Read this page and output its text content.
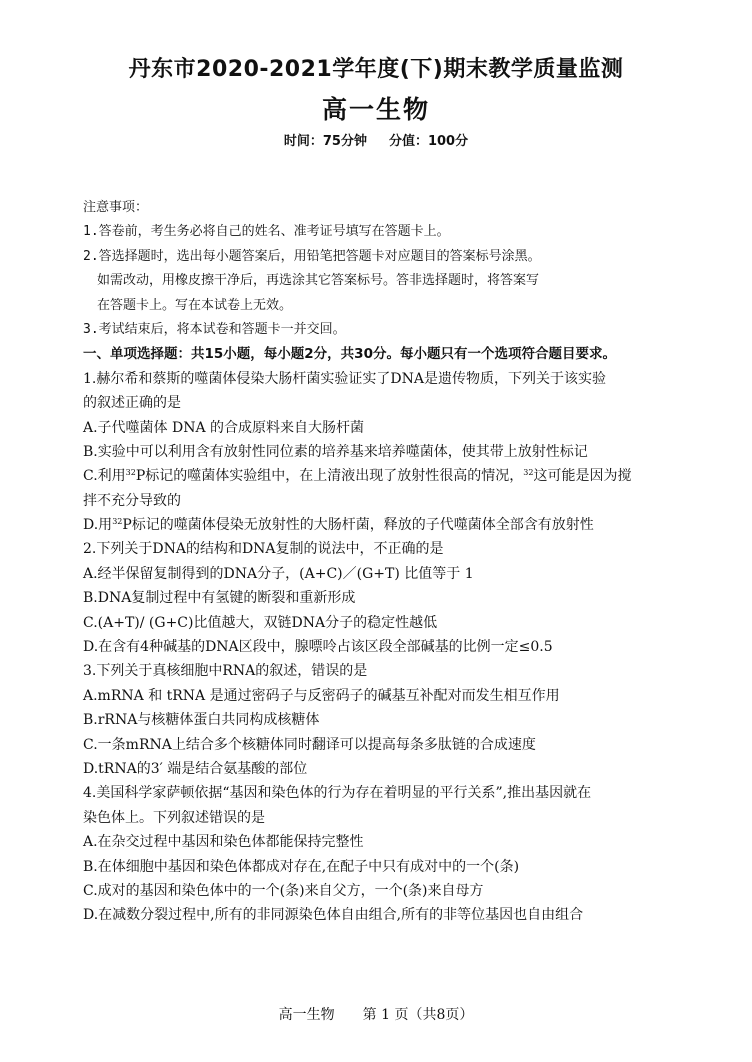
丹东市2020-2021学年度(下)期末教学质量监测
高一生物
时间：75分钟 分值：100分
注意事项：
1.答卷前，考生务必将自己的姓名、准考证号填写在答题卡上。
2.答选择题时，选出每小题答案后，用铅笔把答题卡对应题目的答案标号涂黑。
如需改动，用橡皮擦干净后，再选涂其它答案标号。答非选择题时，将答案写
在答题卡上。写在本试卷上无效。
3.考试结束后，将本试卷和答题卡一并交回。
一、单项选择题：共15小题，每小题2分，共30分。每小题只有一个选项符合题目要求。
1.赫尔希和蔡斯的噬菌体侵染大肠杆菌实验证实了DNA是遗传物质，下列关于该实验
的叙述正确的是
A.子代噬菌体 DNA 的合成原料来自大肠杆菌
B.实验中可以利用含有放射性同位素的培养基来培养噬菌体，使其带上放射性标记
C.利用$^{32}$P标记的噬菌体实验组中，在上清液出现了放射性很高的情况，$^{32}$这可能是因为搅
拌不充分导致的
D.用$^{32}$P标记的噬菌体侵染无放射性的大肠杆菌，释放的子代噬菌体全部含有放射性
2.下列关于DNA的结构和DNA复制的说法中，不正确的是
A.经半保留复制得到的DNA分子，(A+C)／(G+T) 比值等于 1
B.DNA复制过程中有氢键的断裂和重新形成
C.(A+T)/ (G+C)比值越大，双链DNA分子的稳定性越低
D.在含有4种碱基的DNA区段中，腺嘌呤占该区段全部碱基的比例一定≤0.5
3.下列关于真核细胞中RNA的叙述，错误的是
A.mRNA 和 tRNA 是通过密码子与反密码子的碱基互补配对而发生相互作用
B.rRNA与核糖体蛋白共同构成核糖体
C.一条mRNA上结合多个核糖体同时翻译可以提高每条多肽链的合成速度
D.tRNA的3′ 端是结合氨基酸的部位
4.美国科学家萨顿依据“基因和染色体的行为存在着明显的平行关系”,推出基因就在
染色体上。下列叙述错误的是
A.在杂交过程中基因和染色体都能保持完整性
B.在体细胞中基因和染色体都成对存在,在配子中只有成对中的一个(条)
C.成对的基因和染色体中的一个(条)来自父方，一个(条)来自母方
D.在减数分裂过程中,所有的非同源染色体自由组合,所有的非等位基因也自由组合
高一生物 第 1 页（共8页）
